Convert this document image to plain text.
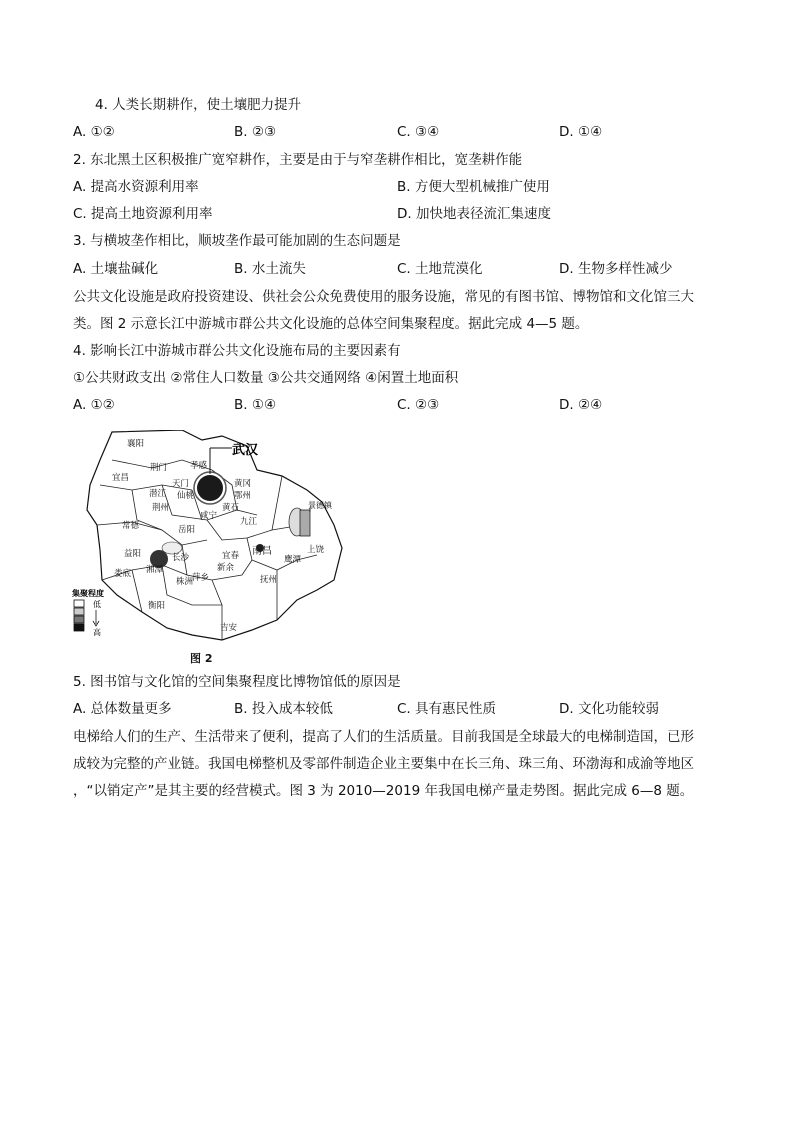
4. 人类长期耕作，使土壤肥力提升
A. ①②	B. ②③	C. ③④	D. ①④
2. 东北黑土区积极推广宽窄耕作，主要是由于与窄垄耕作相比，宽垄耕作能
A. 提高水资源利用率	B. 方便大型机械推广使用
C. 提高土地资源利用率	D. 加快地表径流汇集速度
3. 与横坡垄作相比，顺坡垄作最可能加剧的生态问题是
A. 土壤盐碱化	B. 水土流失	C. 土地荒漠化	D. 生物多样性减少
公共文化设施是政府投资建设、供社会公众免费使用的服务设施，常见的有图书馆、博物馆和文化馆三大
类。图 2 示意长江中游城市群公共文化设施的总体空间集聚程度。据此完成 4—5 题。
4. 影响长江中游城市群公共文化设施布局的主要因素有
①公共财政支出 ②常住人口数量 ③公共交通网络 ④闲置土地面积
A. ①②	B. ①④	C. ②③	D. ②④
武汉
景德镇
襄阳
荆门	孝感
宜昌
天门
潜江 仙桃
黄冈
鄂州
荆州	黄石
咸宁
九江
常德	岳阳
益阳	长沙
南昌
鹰潭
上饶
宜春
新余
娄底 湘潭
株洲
萍乡	抚州
衡阳
吉安
集聚程度
低
高
图 2
5. 图书馆与文化馆的空间集聚程度比博物馆低的原因是
A. 总体数量更多	B. 投入成本较低	C. 具有惠民性质	D. 文化功能较弱
电梯给人们的生产、生活带来了便利，提高了人们的生活质量。目前我国是全球最大的电梯制造国，已形
成较为完整的产业链。我国电梯整机及零部件制造企业主要集中在长三角、珠三角、环渤海和成渝等地区
，“以销定产”是其主要的经营模式。图 3 为 2010—2019 年我国电梯产量走势图。据此完成 6—8 题。
